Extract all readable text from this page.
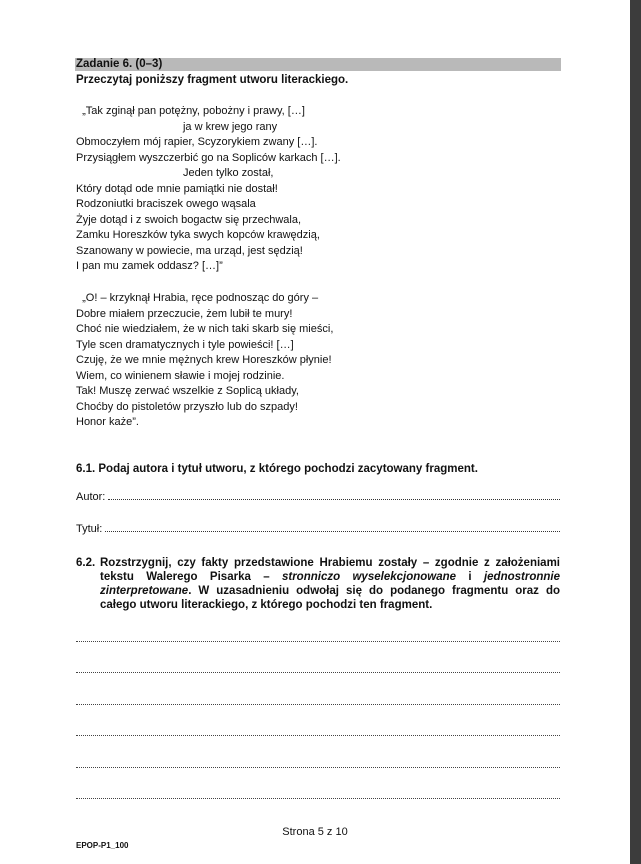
Zadanie 6. (0–3)
Przeczytaj poniższy fragment utworu literackiego.
„Tak zginął pan potężny, pobożny i prawy, […]
ja w krew jego rany
Obmoczyłem mój rapier, Scyzorykiem zwany […].
Przysiągłem wyszczerbić go na Sopliców karkach […].
Jeden tylko został,
Który dotąd ode mnie pamiątki nie dostał!
Rodzoniutki braciszek owego wąsala
Żyje dotąd i z swoich bogactw się przechwala,
Zamku Horeszków tyka swych kopców krawędzią,
Szanowany w powiecie, ma urząd, jest sędzią!
I pan mu zamek oddasz? […]”
„O! – krzyknął Hrabia, ręce podnosząc do góry –
Dobre miałem przeczucie, żem lubił te mury!
Choć nie wiedziałem, że w nich taki skarb się mieści,
Tyle scen dramatycznych i tyle powieści! […]
Czuję, że we mnie mężnych krew Horeszków płynie!
Wiem, co winienem sławie i mojej rodzinie.
Tak! Muszę zerwać wszelkie z Soplicą układy,
Choćby do pistoletów przyszło lub do szpady!
Honor każe”.
6.1. Podaj autora i tytuł utworu, z którego pochodzi zacytowany fragment.
Autor:
Tytuł:
6.2. Rozstrzygnij, czy fakty przedstawione Hrabiemu zostały – zgodnie z założeniami tekstu Walerego Pisarka – stronniczo wyselekcjonowane i jednostronnie zinterpretowane. W uzasadnieniu odwołaj się do podanego fragmentu oraz do całego utworu literackiego, z którego pochodzi ten fragment.
Strona 5 z 10
EPOP-P1_100
